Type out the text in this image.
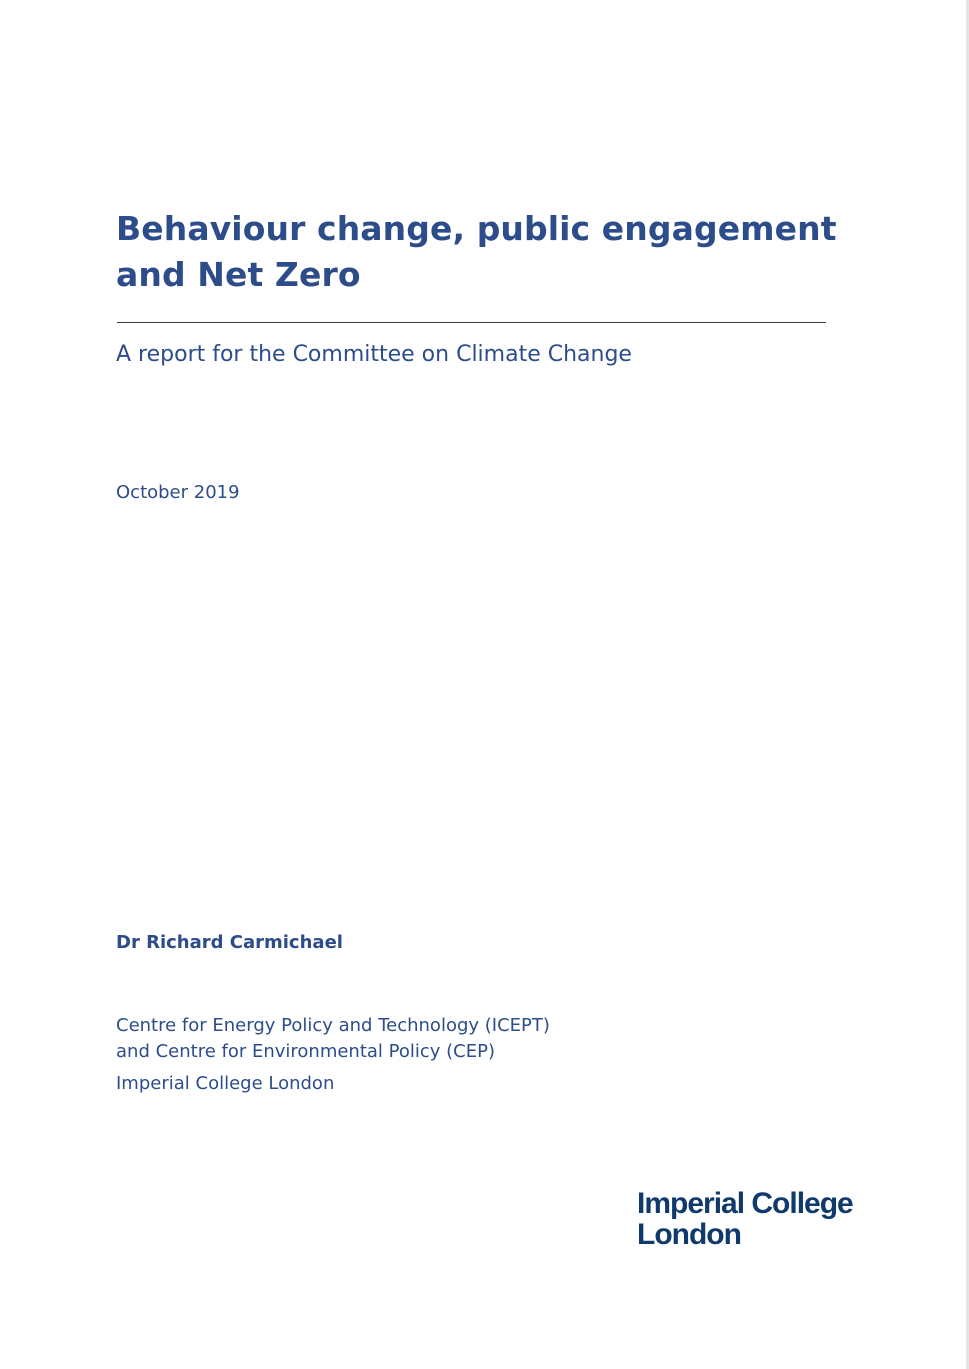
Behaviour change, public engagement
and Net Zero

A report for the Committee on Climate Change

October 2019

Dr Richard Carmichael

Centre for Energy Policy and Technology (ICEPT)
and Centre for Environmental Policy (CEP)
Imperial College London
Imperial College
London
